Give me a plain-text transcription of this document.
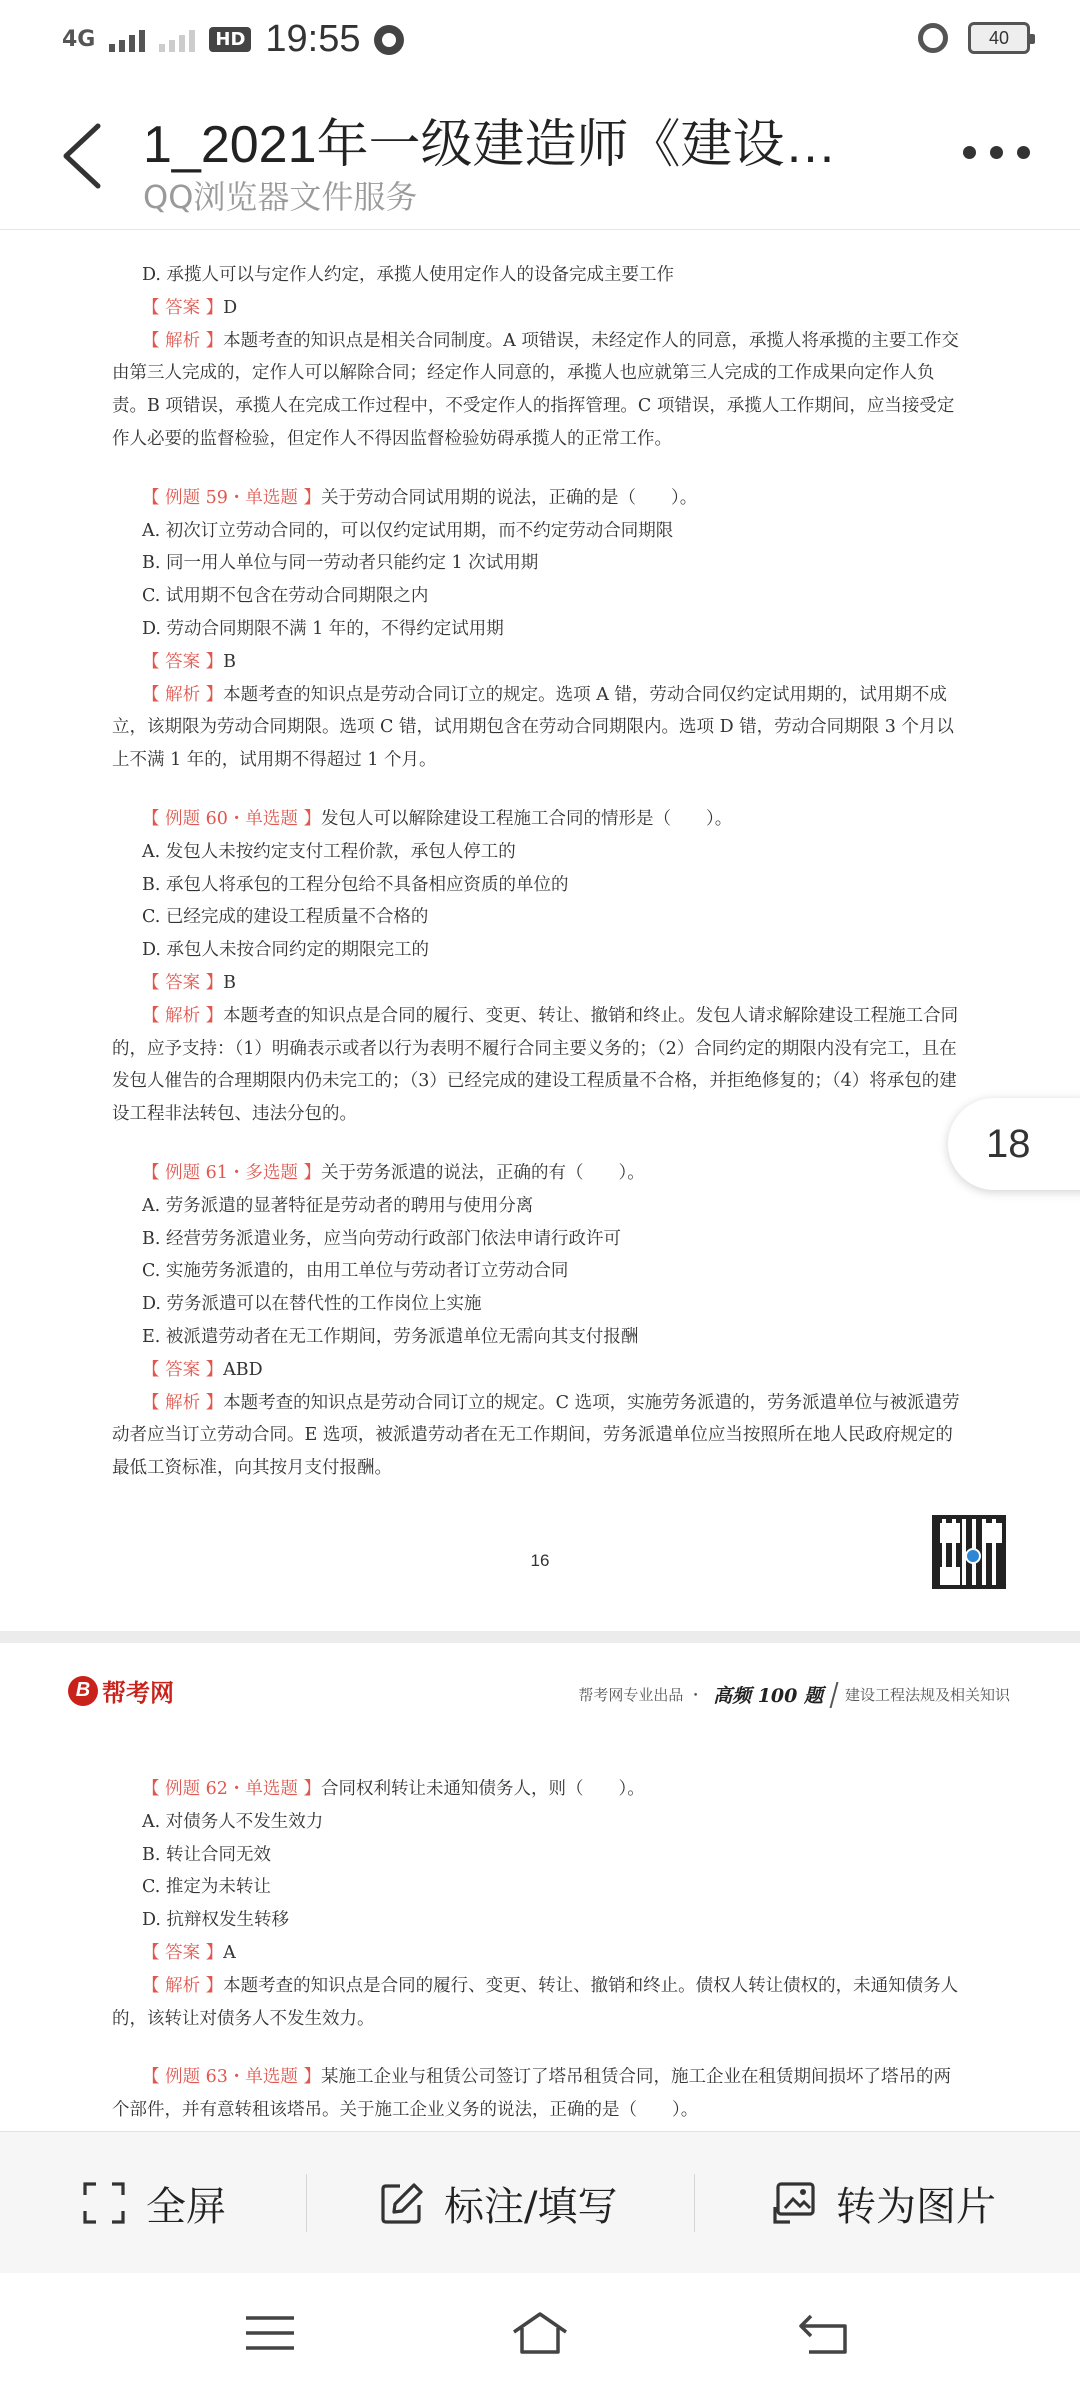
4G	HD 19:55	40
1_2021年一级建造师《建设…
QQ浏览器文件服务
D. 承揽人可以与定作人约定，承揽人使用定作人的设备完成主要工作
【 答案 】D
【 解析 】本题考查的知识点是相关合同制度。A 项错误，未经定作人的同意，承揽人将承揽的主要工作交由第三人完成的，定作人可以解除合同；经定作人同意的，承揽人也应就第三人完成的工作成果向定作人负责。B 项错误，承揽人在完成工作过程中，不受定作人的指挥管理。C 项错误，承揽人工作期间，应当接受定作人必要的监督检验，但定作人不得因监督检验妨碍承揽人的正常工作。
【 例题 59・单选题 】关于劳动合同试用期的说法，正确的是（　　）。
A. 初次订立劳动合同的，可以仅约定试用期，而不约定劳动合同期限
B. 同一用人单位与同一劳动者只能约定 1 次试用期
C. 试用期不包含在劳动合同期限之内
D. 劳动合同期限不满 1 年的，不得约定试用期
【 答案 】B
【 解析 】本题考查的知识点是劳动合同订立的规定。选项 A 错，劳动合同仅约定试用期的，试用期不成立，该期限为劳动合同期限。选项 C 错，试用期包含在劳动合同期限内。选项 D 错，劳动合同期限 3 个月以上不满 1 年的，试用期不得超过 1 个月。
【 例题 60・单选题 】发包人可以解除建设工程施工合同的情形是（　　）。
A. 发包人未按约定支付工程价款，承包人停工的
B. 承包人将承包的工程分包给不具备相应资质的单位的
C. 已经完成的建设工程质量不合格的
D. 承包人未按合同约定的期限完工的
【 答案 】B
【 解析 】本题考查的知识点是合同的履行、变更、转让、撤销和终止。发包人请求解除建设工程施工合同的，应予支持：（1）明确表示或者以行为表明不履行合同主要义务的；（2）合同约定的期限内没有完工，且在发包人催告的合理期限内仍未完工的；（3）已经完成的建设工程质量不合格，并拒绝修复的；（4）将承包的建设工程非法转包、违法分包的。
【 例题 61・多选题 】关于劳务派遣的说法，正确的有（　　）。
A. 劳务派遣的显著特征是劳动者的聘用与使用分离
B. 经营劳务派遣业务，应当向劳动行政部门依法申请行政许可
C. 实施劳务派遣的，由用工单位与劳动者订立劳动合同
D. 劳务派遣可以在替代性的工作岗位上实施
E. 被派遣劳动者在无工作期间，劳务派遣单位无需向其支付报酬
【 答案 】ABD
【 解析 】本题考查的知识点是劳动合同订立的规定。C 选项，实施劳务派遣的，劳务派遣单位与被派遣劳动者应当订立劳动合同。E 选项，被派遣劳动者在无工作期间，劳务派遣单位应当按照所在地人民政府规定的最低工资标准，向其按月支付报酬。
16
B 帮考网	帮考网专业出品 ・ 高频 100 题 建设工程法规及相关知识
【 例题 62・单选题 】合同权利转让未通知债务人，则（　　）。
A. 对债务人不发生效力
B. 转让合同无效
C. 推定为未转让
D. 抗辩权发生转移
【 答案 】A
【 解析 】本题考查的知识点是合同的履行、变更、转让、撤销和终止。债权人转让债权的，未通知债务人的，该转让对债务人不发生效力。
【 例题 63・单选题 】某施工企业与租赁公司签订了塔吊租赁合同，施工企业在租赁期间损坏了塔吊的两个部件，并有意转租该塔吊。关于施工企业义务的说法，正确的是（　　）。
18
全屏	标注/填写	转为图片
